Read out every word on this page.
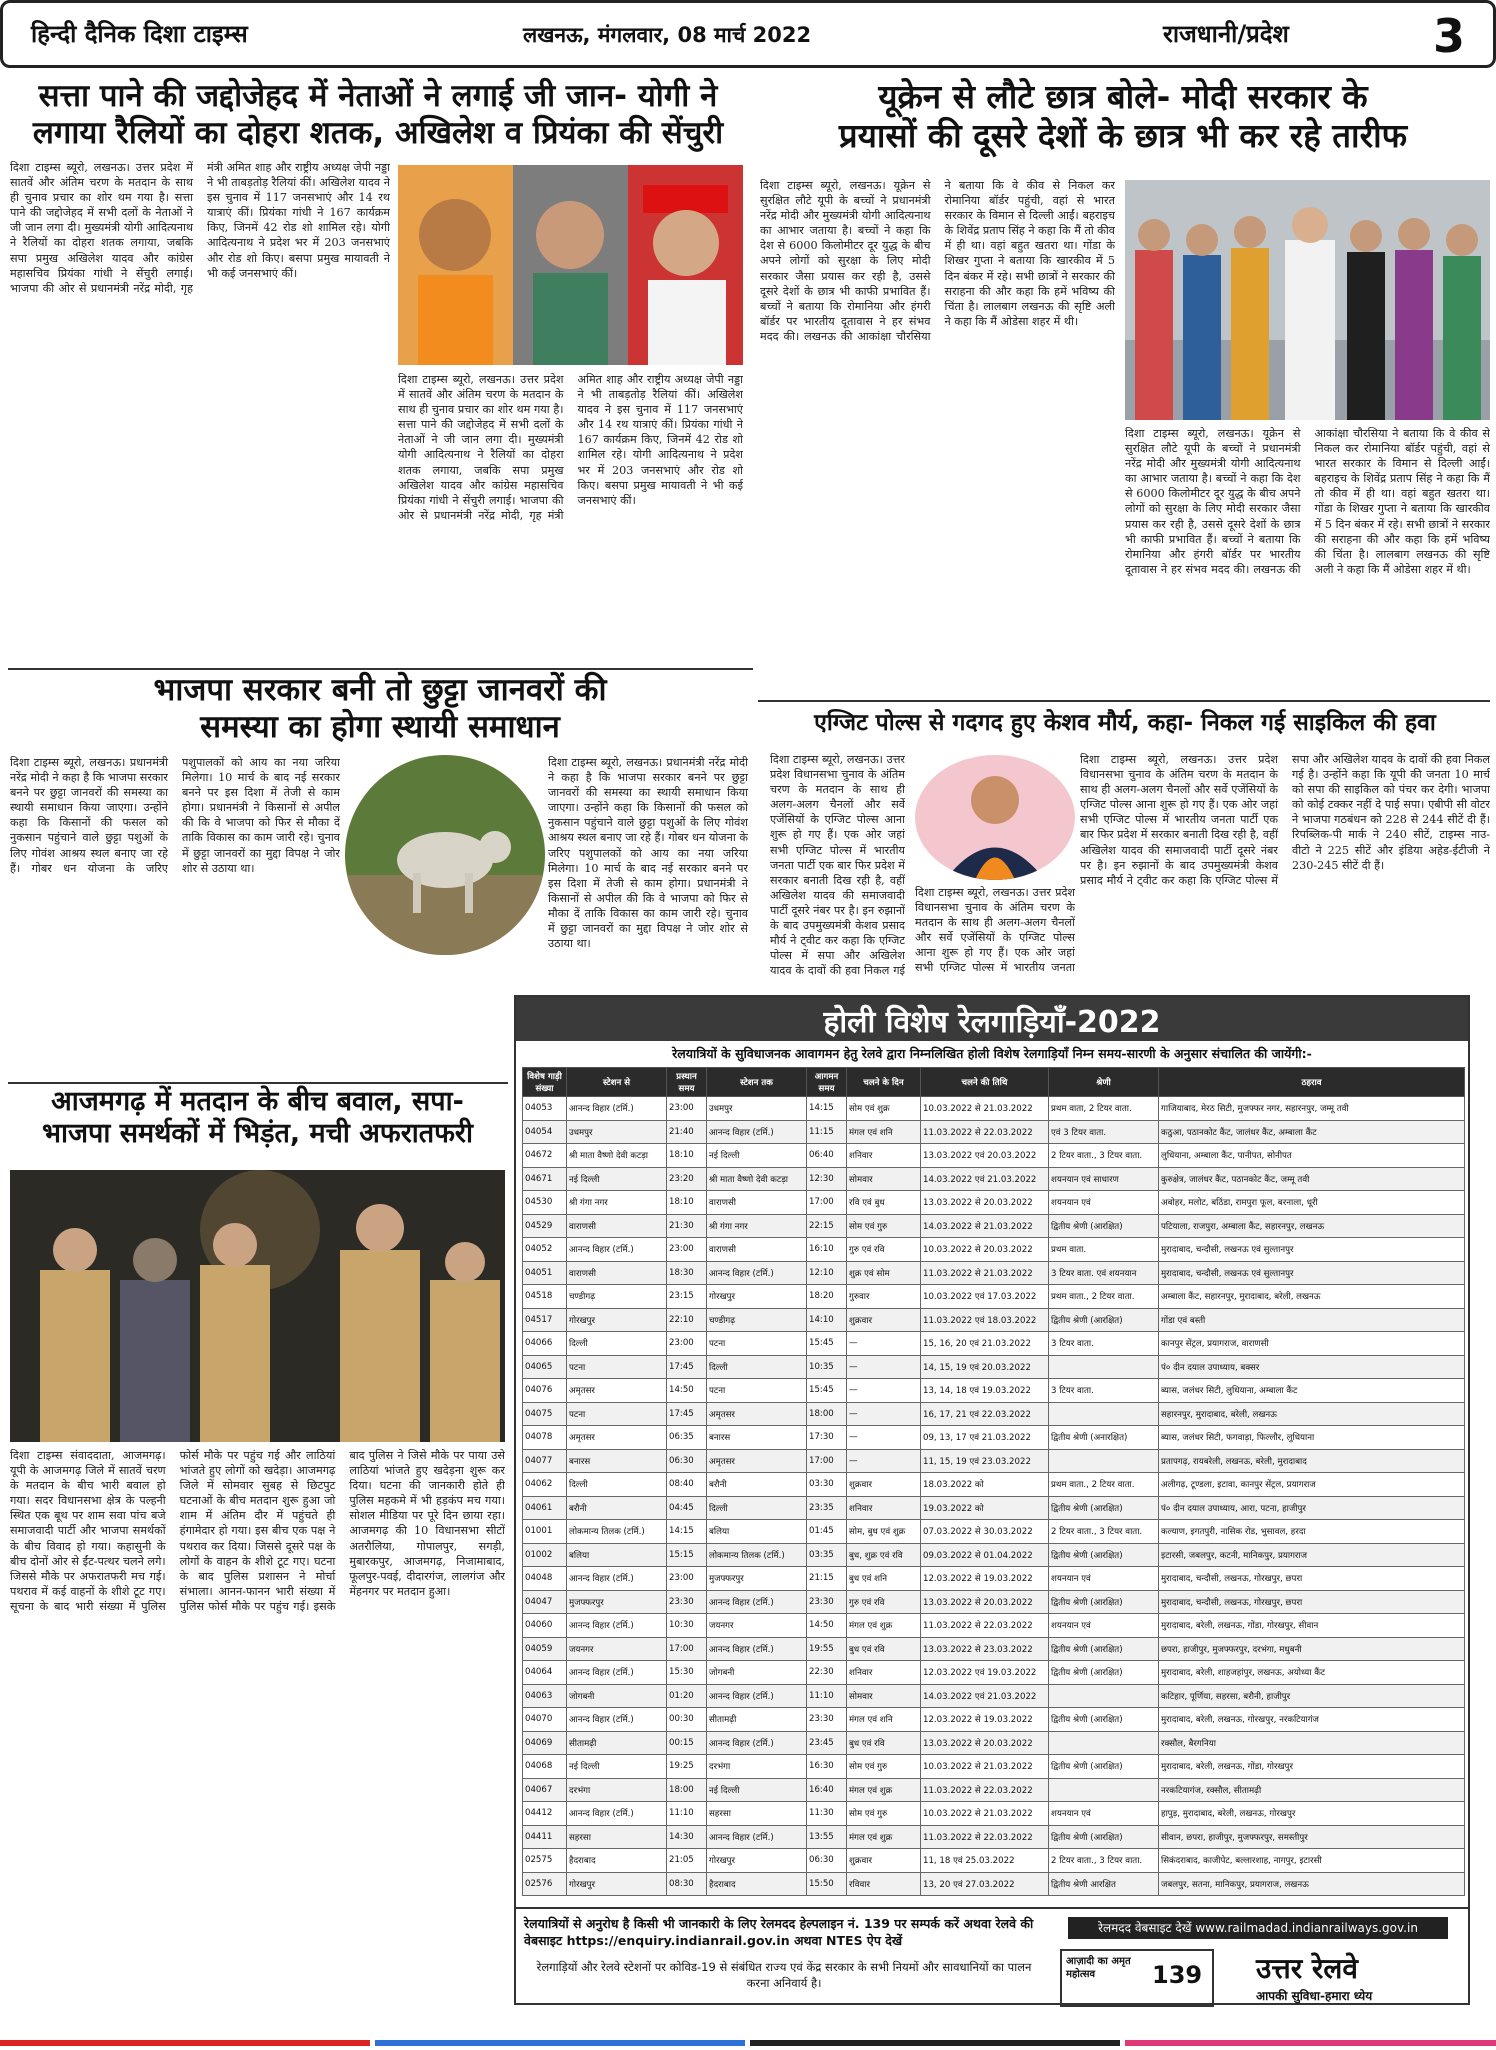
हिन्दी दैनिक दिशा टाइम्स	लखनऊ, मंगलवार, 08 मार्च 2022	राजधानी/प्रदेश	3
सत्ता पाने की जद्दोजेहद में नेताओं ने लगाई जी जान- योगी ने
लगाया रैलियों का दोहरा शतक, अखिलेश व प्रियंका की सेंचुरी
दिशा टाइम्स ब्यूरो, लखनऊ। उत्तर प्रदेश में सातवें और अंतिम चरण के मतदान के साथ ही चुनाव प्रचार का शोर थम गया है। सत्ता पाने की जद्दोजेहद में सभी दलों के नेताओं ने जी जान लगा दी। मुख्यमंत्री योगी आदित्यनाथ ने रैलियों का दोहरा शतक लगाया, जबकि सपा प्रमुख अखिलेश यादव और कांग्रेस महासचिव प्रियंका गांधी ने सेंचुरी लगाई। भाजपा की ओर से प्रधानमंत्री नरेंद्र मोदी, गृह मंत्री अमित शाह और राष्ट्रीय अध्यक्ष जेपी नड्डा ने भी ताबड़तोड़ रैलियां कीं। अखिलेश यादव ने इस चुनाव में 117 जनसभाएं और 14 रथ यात्राएं कीं। प्रियंका गांधी ने 167 कार्यक्रम किए, जिनमें 42 रोड शो शामिल रहे। योगी आदित्यनाथ ने प्रदेश भर में 203 जनसभाएं और रोड शो किए। बसपा प्रमुख मायावती ने भी कई जनसभाएं कीं।
दिशा टाइम्स ब्यूरो, लखनऊ। उत्तर प्रदेश में सातवें और अंतिम चरण के मतदान के साथ ही चुनाव प्रचार का शोर थम गया है। सत्ता पाने की जद्दोजेहद में सभी दलों के नेताओं ने जी जान लगा दी। मुख्यमंत्री योगी आदित्यनाथ ने रैलियों का दोहरा शतक लगाया, जबकि सपा प्रमुख अखिलेश यादव और कांग्रेस महासचिव प्रियंका गांधी ने सेंचुरी लगाई। भाजपा की ओर से प्रधानमंत्री नरेंद्र मोदी, गृह मंत्री अमित शाह और राष्ट्रीय अध्यक्ष जेपी नड्डा ने भी ताबड़तोड़ रैलियां कीं। अखिलेश यादव ने इस चुनाव में 117 जनसभाएं और 14 रथ यात्राएं कीं। प्रियंका गांधी ने 167 कार्यक्रम किए, जिनमें 42 रोड शो शामिल रहे। योगी आदित्यनाथ ने प्रदेश भर में 203 जनसभाएं और रोड शो किए। बसपा प्रमुख मायावती ने भी कई जनसभाएं कीं।
भाजपा सरकार बनी तो छुट्टा जानवरों की
समस्या का होगा स्थायी समाधान
दिशा टाइम्स ब्यूरो, लखनऊ। प्रधानमंत्री नरेंद्र मोदी ने कहा है कि भाजपा सरकार बनने पर छुट्टा जानवरों की समस्या का स्थायी समाधान किया जाएगा। उन्होंने कहा कि किसानों की फसल को नुकसान पहुंचाने वाले छुट्टा पशुओं के लिए गोवंश आश्रय स्थल बनाए जा रहे हैं। गोबर धन योजना के जरिए पशुपालकों को आय का नया जरिया मिलेगा। 10 मार्च के बाद नई सरकार बनने पर इस दिशा में तेजी से काम होगा। प्रधानमंत्री ने किसानों से अपील की कि वे भाजपा को फिर से मौका दें ताकि विकास का काम जारी रहे। चुनाव में छुट्टा जानवरों का मुद्दा विपक्ष ने जोर शोर से उठाया था।
दिशा टाइम्स ब्यूरो, लखनऊ। प्रधानमंत्री नरेंद्र मोदी ने कहा है कि भाजपा सरकार बनने पर छुट्टा जानवरों की समस्या का स्थायी समाधान किया जाएगा। उन्होंने कहा कि किसानों की फसल को नुकसान पहुंचाने वाले छुट्टा पशुओं के लिए गोवंश आश्रय स्थल बनाए जा रहे हैं। गोबर धन योजना के जरिए पशुपालकों को आय का नया जरिया मिलेगा। 10 मार्च के बाद नई सरकार बनने पर इस दिशा में तेजी से काम होगा। प्रधानमंत्री ने किसानों से अपील की कि वे भाजपा को फिर से मौका दें ताकि विकास का काम जारी रहे। चुनाव में छुट्टा जानवरों का मुद्दा विपक्ष ने जोर शोर से उठाया था।
आजमगढ़ में मतदान के बीच बवाल, सपा-
भाजपा समर्थकों में भिड़ंत, मची अफरातफरी
दिशा टाइम्स संवाददाता, आजमगढ़। यूपी के आजमगढ़ जिले में सातवें चरण के मतदान के बीच भारी बवाल हो गया। सदर विधानसभा क्षेत्र के पल्हनी स्थित एक बूथ पर शाम सवा पांच बजे समाजवादी पार्टी और भाजपा समर्थकों के बीच विवाद हो गया। कहासुनी के बीच दोनों ओर से ईंट-पत्थर चलने लगे। जिससे मौके पर अफरातफरी मच गई। पथराव में कई वाहनों के शीशे टूट गए। सूचना के बाद भारी संख्या में पुलिस फोर्स मौके पर पहुंच गई और लाठियां भांजते हुए लोगों को खदेड़ा। आजमगढ़ जिले में सोमवार सुबह से छिटपुट घटनाओं के बीच मतदान शुरू हुआ जो शाम में अंतिम दौर में पहुंचते ही हंगामेदार हो गया। इस बीच एक पक्ष ने पथराव कर दिया। जिससे दूसरे पक्ष के लोगों के वाहन के शीशे टूट गए। घटना के बाद पुलिस प्रशासन ने मोर्चा संभाला। आनन-फानन भारी संख्या में पुलिस फोर्स मौके पर पहुंच गई। इसके बाद पुलिस ने जिसे मौके पर पाया उसे लाठियां भांजते हुए खदेड़ना शुरू कर दिया। घटना की जानकारी होते ही पुलिस महकमे में भी हड़कंप मच गया। सोशल मीडिया पर पूरे दिन छाया रहा। आजमगढ़ की 10 विधानसभा सीटों अतरौलिया, गोपालपुर, सगड़ी, मुबारकपुर, आजमगढ़, निजामाबाद, फूलपुर-पवई, दीदारगंज, लालगंज और मेंहनगर पर मतदान हुआ।
यूक्रेन से लौटे छात्र बोले- मोदी सरकार के
प्रयासों की दूसरे देशों के छात्र भी कर रहे तारीफ
दिशा टाइम्स ब्यूरो, लखनऊ। यूक्रेन से सुरक्षित लौटे यूपी के बच्चों ने प्रधानमंत्री नरेंद्र मोदी और मुख्यमंत्री योगी आदित्यनाथ का आभार जताया है। बच्चों ने कहा कि देश से 6000 किलोमीटर दूर युद्ध के बीच अपने लोगों को सुरक्षा के लिए मोदी सरकार जैसा प्रयास कर रही है, उससे दूसरे देशों के छात्र भी काफी प्रभावित हैं। बच्चों ने बताया कि रोमानिया और हंगरी बॉर्डर पर भारतीय दूतावास ने हर संभव मदद की। लखनऊ की आकांक्षा चौरसिया ने बताया कि वे कीव से निकल कर रोमानिया बॉर्डर पहुंची, वहां से भारत सरकार के विमान से दिल्ली आईं। बहराइच के शिवेंद्र प्रताप सिंह ने कहा कि मैं तो कीव में ही था। वहां बहुत खतरा था। गोंडा के शिखर गुप्ता ने बताया कि खारकीव में 5 दिन बंकर में रहे। सभी छात्रों ने सरकार की सराहना की और कहा कि हमें भविष्य की चिंता है। लालबाग लखनऊ की सृष्टि अली ने कहा कि मैं ओडेसा शहर में थी।
दिशा टाइम्स ब्यूरो, लखनऊ। यूक्रेन से सुरक्षित लौटे यूपी के बच्चों ने प्रधानमंत्री नरेंद्र मोदी और मुख्यमंत्री योगी आदित्यनाथ का आभार जताया है। बच्चों ने कहा कि देश से 6000 किलोमीटर दूर युद्ध के बीच अपने लोगों को सुरक्षा के लिए मोदी सरकार जैसा प्रयास कर रही है, उससे दूसरे देशों के छात्र भी काफी प्रभावित हैं। बच्चों ने बताया कि रोमानिया और हंगरी बॉर्डर पर भारतीय दूतावास ने हर संभव मदद की। लखनऊ की आकांक्षा चौरसिया ने बताया कि वे कीव से निकल कर रोमानिया बॉर्डर पहुंची, वहां से भारत सरकार के विमान से दिल्ली आईं। बहराइच के शिवेंद्र प्रताप सिंह ने कहा कि मैं तो कीव में ही था। वहां बहुत खतरा था। गोंडा के शिखर गुप्ता ने बताया कि खारकीव में 5 दिन बंकर में रहे। सभी छात्रों ने सरकार की सराहना की और कहा कि हमें भविष्य की चिंता है। लालबाग लखनऊ की सृष्टि अली ने कहा कि मैं ओडेसा शहर में थी।
एग्जिट पोल्स से गदगद हुए केशव मौर्य, कहा- निकल गई साइकिल की हवा
दिशा टाइम्स ब्यूरो, लखनऊ। उत्तर प्रदेश विधानसभा चुनाव के अंतिम चरण के मतदान के साथ ही अलग-अलग चैनलों और सर्वे एजेंसियों के एग्जिट पोल्स आना शुरू हो गए हैं। एक ओर जहां सभी एग्जिट पोल्स में भारतीय जनता पार्टी एक बार फिर प्रदेश में सरकार बनाती दिख रही है, वहीं अखिलेश यादव की समाजवादी पार्टी दूसरे नंबर पर है। इन रुझानों के बाद उपमुख्यमंत्री केशव प्रसाद मौर्य ने ट्वीट कर कहा कि एग्जिट पोल्स में सपा और अखिलेश यादव के दावों की हवा निकल गई
दिशा टाइम्स ब्यूरो, लखनऊ। उत्तर प्रदेश विधानसभा चुनाव के अंतिम चरण के मतदान के साथ ही अलग-अलग चैनलों और सर्वे एजेंसियों के एग्जिट पोल्स आना शुरू हो गए हैं। एक ओर जहां सभी एग्जिट पोल्स में भारतीय जनता
दिशा टाइम्स ब्यूरो, लखनऊ। उत्तर प्रदेश विधानसभा चुनाव के अंतिम चरण के मतदान के साथ ही अलग-अलग चैनलों और सर्वे एजेंसियों के एग्जिट पोल्स आना शुरू हो गए हैं। एक ओर जहां सभी एग्जिट पोल्स में भारतीय जनता पार्टी एक बार फिर प्रदेश में सरकार बनाती दिख रही है, वहीं अखिलेश यादव की समाजवादी पार्टी दूसरे नंबर पर है। इन रुझानों के बाद उपमुख्यमंत्री केशव प्रसाद मौर्य ने ट्वीट कर कहा कि एग्जिट पोल्स में सपा और अखिलेश यादव के दावों की हवा निकल गई है। उन्होंने कहा कि यूपी की जनता 10 मार्च को सपा की साइकिल को पंचर कर देगी। भाजपा को कोई टक्कर नहीं दे पाई सपा। एबीपी सी वोटर ने भाजपा गठबंधन को 228 से 244 सीटें दी हैं। रिपब्लिक-पी मार्क ने 240 सीटें, टाइम्स नाउ-वीटो ने 225 सीटें और इंडिया अहेड-ईटीजी ने 230-245 सीटें दी हैं।
होली विशेष रेलगाड़ियाँ-2022
रेलयात्रियों के सुविधाजनक आवागमन हेतु रेलवे द्वारा निम्नलिखित होली विशेष रेलगाड़ियाँ निम्न समय-सारणी के अनुसार संचालित की जायेंगी:-
विशेष गाड़ी संख्या	स्टेशन से	प्रस्थान समय	स्टेशन तक	आगमन समय	चलने के दिन	चलने की तिथि	श्रेणी	ठहराव
04053	आनन्द विहार (टर्मि.)	23:00	उधमपुर	14:15	सोम एवं शुक्र	10.03.2022 से 21.03.2022	प्रथम वाता, 2 टियर वाता.	गाजियाबाद, मेरठ सिटी, मुजफ्फर नगर, सहारनपुर, जम्मू तवी
04054	उधमपुर	21:40	आनन्द विहार (टर्मि.)	11:15	मंगल एवं शनि	11.03.2022 से 22.03.2022	एवं 3 टियर वाता.	कठुआ, पठानकोट कैंट, जालंधर कैंट, अम्बाला कैंट
04672	श्री माता वैष्णो देवी कटड़ा	18:10	नई दिल्ली	06:40	शनिवार	13.03.2022 एवं 20.03.2022	2 टियर वाता., 3 टियर वाता.	लुधियाना, अम्बाला कैंट, पानीपत, सोनीपत
04671	नई दिल्ली	23:20	श्री माता वैष्णो देवी कटड़ा	12:30	सोमवार	14.03.2022 एवं 21.03.2022	शयनयान एवं साधारण	कुरुक्षेत्र, जालंधर कैंट, पठानकोट कैंट, जम्मू तवी
04530	श्री गंगा नगर	18:10	वाराणसी	17:00	रवि एवं बुध	13.03.2022 से 20.03.2022	शयनयान एवं	अबोहर, मलोट, बठिंडा, रामपुरा फूल, बरनाला, धूरी
04529	वाराणसी	21:30	श्री गंगा नगर	22:15	सोम एवं गुरु	14.03.2022 से 21.03.2022	द्वितीय श्रेणी (आरक्षित)	पटियाला, राजपुरा, अम्बाला कैंट, सहारनपुर, लखनऊ
04052	आनन्द विहार (टर्मि.)	23:00	वाराणसी	16:10	गुरु एवं रवि	10.03.2022 से 20.03.2022	प्रथम वाता.	मुरादाबाद, चन्दौसी, लखनऊ एवं सुल्तानपुर
04051	वाराणसी	18:30	आनन्द विहार (टर्मि.)	12:10	शुक्र एवं सोम	11.03.2022 से 21.03.2022	3 टियर वाता. एवं शयनयान	मुरादाबाद, चन्दौसी, लखनऊ एवं सुल्तानपुर
04518	चण्डीगढ़	23:15	गोरखपुर	18:20	गुरुवार	10.03.2022 एवं 17.03.2022	प्रथम वाता., 2 टियर वाता.	अम्बाला कैंट, सहारनपुर, मुरादाबाद, बरेली, लखनऊ
04517	गोरखपुर	22:10	चण्डीगढ़	14:10	शुक्रवार	11.03.2022 एवं 18.03.2022	द्वितीय श्रेणी (आरक्षित)	गोंडा एवं बस्ती
04066	दिल्ली	23:00	पटना	15:45	—	15, 16, 20 एवं 21.03.2022	3 टियर वाता.	कानपुर सेंट्रल, प्रयागराज, वाराणसी
04065	पटना	17:45	दिल्ली	10:35	—	14, 15, 19 एवं 20.03.2022		पं० दीन दयाल उपाध्याय, बक्सर
04076	अमृतसर	14:50	पटना	15:45	—	13, 14, 18 एवं 19.03.2022	3 टियर वाता.	ब्यास, जलंधर सिटी, लुधियाना, अम्बाला कैंट
04075	पटना	17:45	अमृतसर	18:00	—	16, 17, 21 एवं 22.03.2022		सहारनपुर, मुरादाबाद, बरेली, लखनऊ
04078	अमृतसर	06:35	बनारस	17:30	—	09, 13, 17 एवं 21.03.2022	द्वितीय श्रेणी (अनारक्षित)	ब्यास, जलंधर सिटी, फगवाड़ा, फिल्लौर, लुधियाना
04077	बनारस	06:30	अमृतसर	17:00	—	11, 15, 19 एवं 23.03.2022		प्रतापगढ़, रायबरेली, लखनऊ, बरेली, मुरादाबाद
04062	दिल्ली	08:40	बरौनी	03:30	शुक्रवार	18.03.2022 को	प्रथम वाता., 2 टियर वाता.	अलीगढ़, टूण्डला, इटावा, कानपुर सेंट्रल, प्रयागराज
04061	बरौनी	04:45	दिल्ली	23:35	शनिवार	19.03.2022 को	द्वितीय श्रेणी (आरक्षित)	पं० दीन दयाल उपाध्याय, आरा, पटना, हाजीपुर
01001	लोकमान्य तिलक (टर्मि.)	14:15	बलिया	01:45	सोम, बुध एवं शुक्र	07.03.2022 से 30.03.2022	2 टियर वाता., 3 टियर वाता.	कल्याण, इगतपुरी, नासिक रोड, भुसावल, हरदा
01002	बलिया	15:15	लोकमान्य तिलक (टर्मि.)	03:35	बुध, शुक्र एवं रवि	09.03.2022 से 01.04.2022	द्वितीय श्रेणी (आरक्षित)	इटारसी, जबलपुर, कटनी, मानिकपुर, प्रयागराज
04048	आनन्द विहार (टर्मि.)	23:00	मुजफ्फरपुर	21:15	बुध एवं शनि	12.03.2022 से 19.03.2022	शयनयान एवं	मुरादाबाद, चन्दौसी, लखनऊ, गोरखपुर, छपरा
04047	मुजफ्फरपुर	23:30	आनन्द विहार (टर्मि.)	23:30	गुरु एवं रवि	13.03.2022 से 20.03.2022	द्वितीय श्रेणी (आरक्षित)	मुरादाबाद, चन्दौसी, लखनऊ, गोरखपुर, छपरा
04060	आनन्द विहार (टर्मि.)	10:30	जयनगर	14:50	मंगल एवं शुक्र	11.03.2022 से 22.03.2022	शयनयान एवं	मुरादाबाद, बरेली, लखनऊ, गोंडा, गोरखपुर, सीवान
04059	जयनगर	17:00	आनन्द विहार (टर्मि.)	19:55	बुध एवं रवि	13.03.2022 से 23.03.2022	द्वितीय श्रेणी (आरक्षित)	छपरा, हाजीपुर, मुजफ्फरपुर, दरभंगा, मधुबनी
04064	आनन्द विहार (टर्मि.)	15:30	जोगबनी	22:30	शनिवार	12.03.2022 एवं 19.03.2022	द्वितीय श्रेणी (आरक्षित)	मुरादाबाद, बरेली, शाहजहांपुर, लखनऊ, अयोध्या कैंट
04063	जोगबनी	01:20	आनन्द विहार (टर्मि.)	11:10	सोमवार	14.03.2022 एवं 21.03.2022		कटिहार, पूर्णिया, सहरसा, बरौनी, हाजीपुर
04070	आनन्द विहार (टर्मि.)	00:30	सीतामढ़ी	23:30	मंगल एवं शनि	12.03.2022 से 19.03.2022	द्वितीय श्रेणी (आरक्षित)	मुरादाबाद, बरेली, लखनऊ, गोरखपुर, नरकटियागंज
04069	सीतामढ़ी	00:15	आनन्द विहार (टर्मि.)	23:45	बुध एवं रवि	13.03.2022 से 20.03.2022		रक्सौल, बैरगनिया
04068	नई दिल्ली	19:25	दरभंगा	16:30	सोम एवं गुरु	10.03.2022 से 21.03.2022	द्वितीय श्रेणी (आरक्षित)	मुरादाबाद, बरेली, लखनऊ, गोंडा, गोरखपुर
04067	दरभंगा	18:00	नई दिल्ली	16:40	मंगल एवं शुक्र	11.03.2022 से 22.03.2022		नरकटियागंज, रक्सौल, सीतामढ़ी
04412	आनन्द विहार (टर्मि.)	11:10	सहरसा	11:30	सोम एवं गुरु	10.03.2022 से 21.03.2022	शयनयान एवं	हापुड़, मुरादाबाद, बरेली, लखनऊ, गोरखपुर
04411	सहरसा	14:30	आनन्द विहार (टर्मि.)	13:55	मंगल एवं शुक्र	11.03.2022 से 22.03.2022	द्वितीय श्रेणी (आरक्षित)	सीवान, छपरा, हाजीपुर, मुजफ्फरपुर, समस्तीपुर
02575	हैदराबाद	21:05	गोरखपुर	06:30	शुक्रवार	11, 18 एवं 25.03.2022	2 टियर वाता., 3 टियर वाता.	सिकंदराबाद, काजीपेट, बल्लारशाह, नागपुर, इटारसी
02576	गोरखपुर	08:30	हैदराबाद	15:50	रविवार	13, 20 एवं 27.03.2022	द्वितीय श्रेणी आरक्षित	जबलपुर, सतना, मानिकपुर, प्रयागराज, लखनऊ
रेलयात्रियों से अनुरोध है किसी भी जानकारी के लिए रेलमदद हेल्पलाइन नं. 139 पर सम्पर्क करें अथवा रेलवे की वेबसाइट https://enquiry.indianrail.gov.in अथवा NTES ऐप देखें
रेलमदद वेबसाइट देखें www.railmadad.indianrailways.gov.in
रेलगाड़ियों और रेलवे स्टेशनों पर कोविड-19 से संबंधित राज्य एवं केंद्र सरकार के सभी नियमों और सावधानियों का पालन करना अनिवार्य है।
आज़ादी का अमृत महोत्सव	139 उत्तर रेलवे
आपकी सुविधा-हमारा ध्येय
